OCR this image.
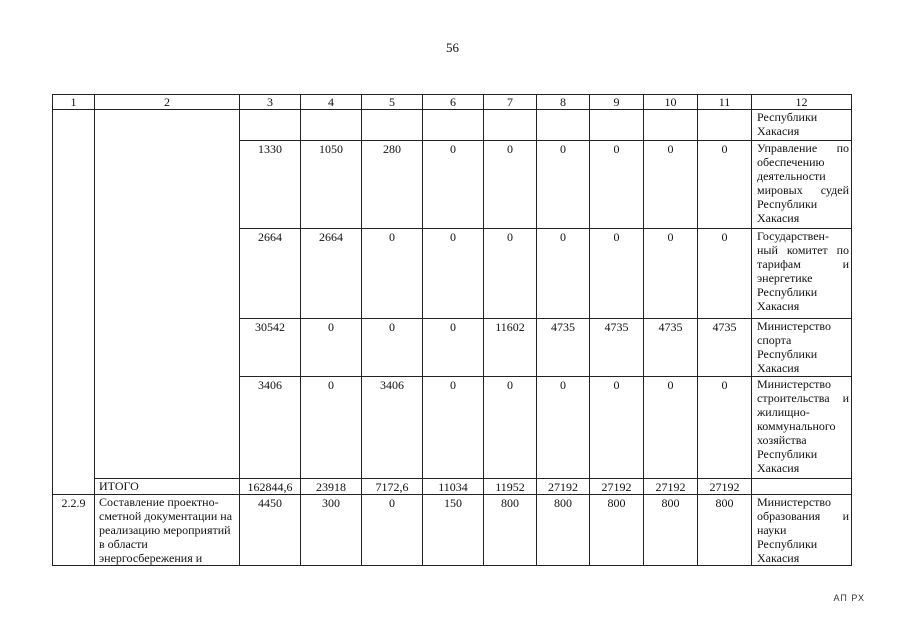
56
1	2	3	4	5	6	7	8	9	10	11	12
											Республики Хакасия
		1330	1050	280	0	0	0	0	0	0	Управление по обеспечению деятельности мировых судей Республики Хакасия
		2664	2664	0	0	0	0	0	0	0	Государствен-ный комитет по тарифам и энергетике Республики Хакасия
		30542	0	0	0	11602	4735	4735	4735	4735	Министерство спорта Республики Хакасия
		3406	0	3406	0	0	0	0	0	0	Министерство строительства и жилищно-коммунального хозяйства Республики Хакасия
	ИТОГО	162844,6	23918	7172,6	11034	11952	27192	27192	27192	27192	
2.2.9	Составление проектно-сметной документации на реализацию мероприятий в области энергосбережения и	4450	300	0	150	800	800	800	800	800	Министерство образования и науки Республики Хакасия
АП РХ
